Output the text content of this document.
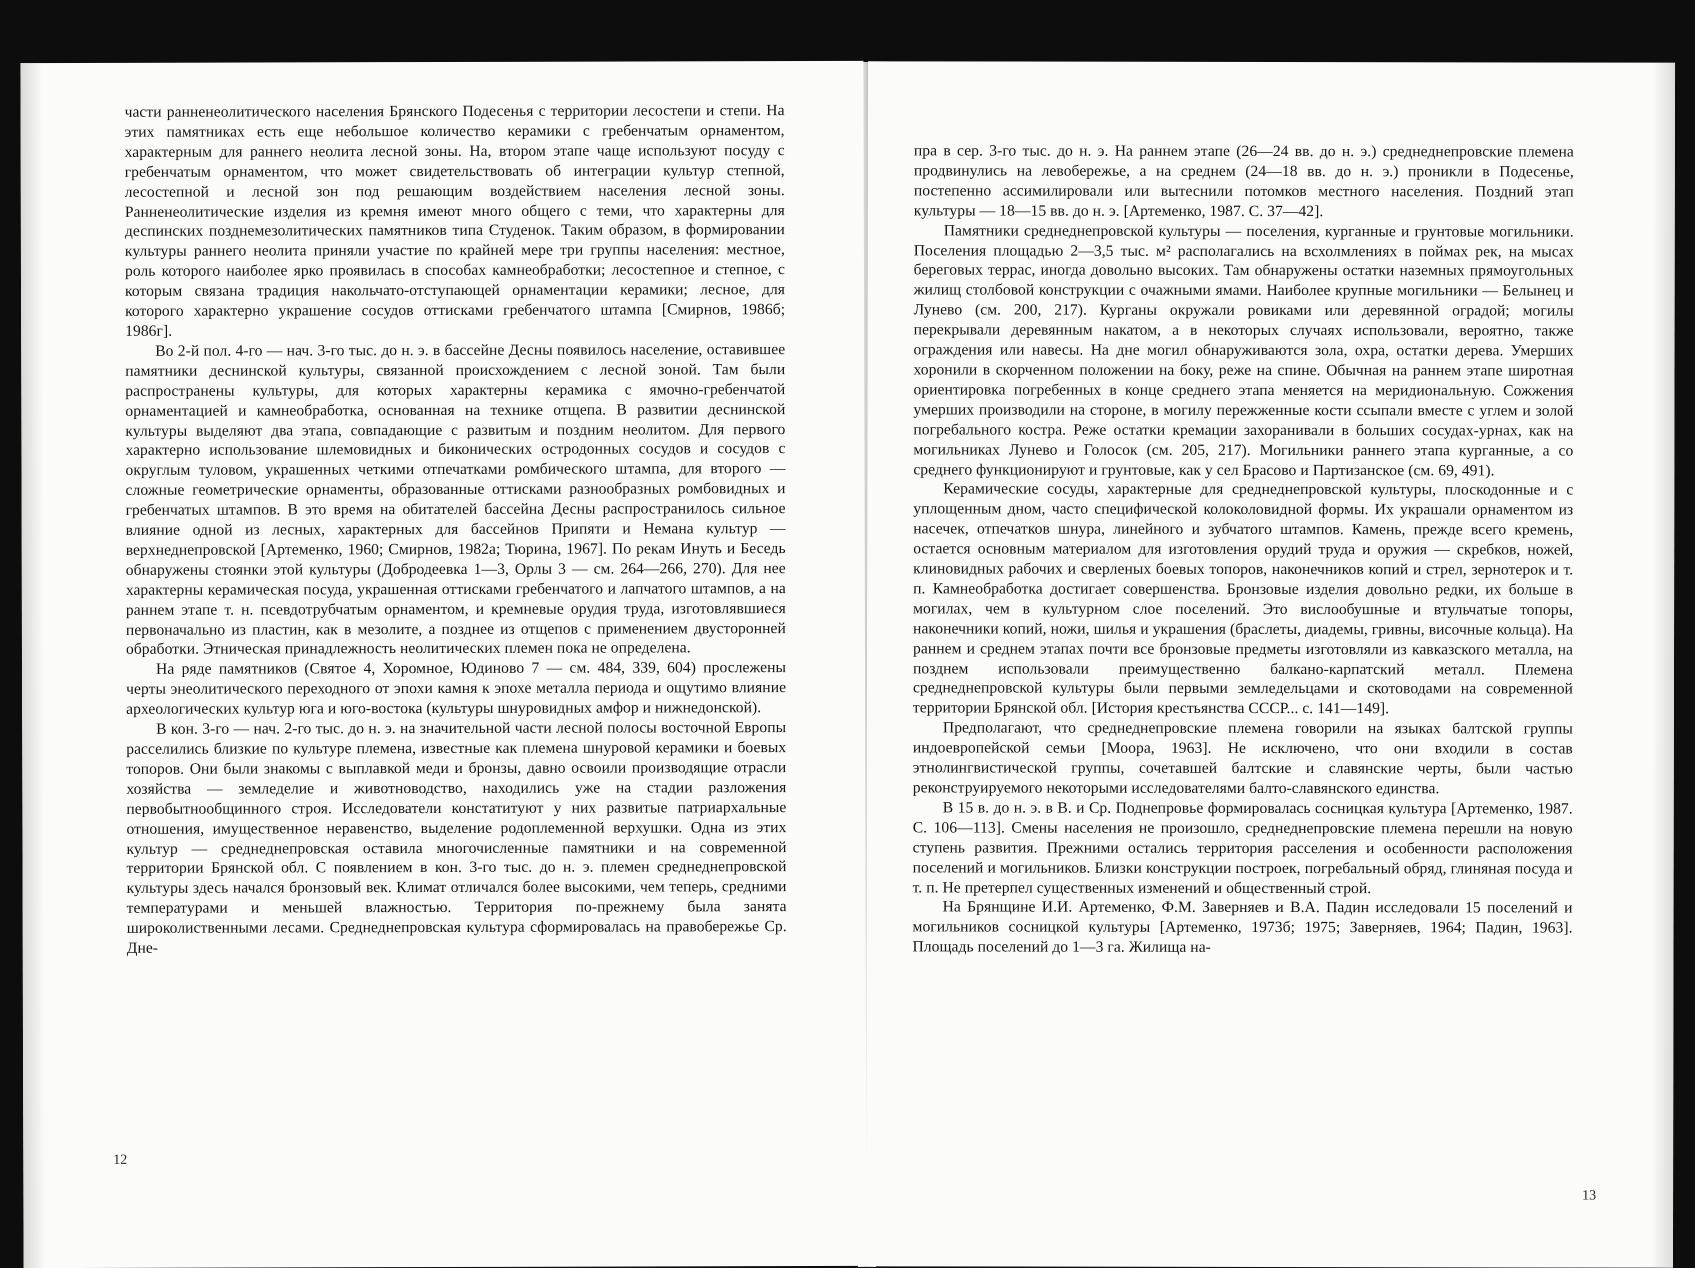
части ранненеолитического населения Брянского Подесенья с территории лесостепи и степи. На этих памятниках есть еще небольшое количество керамики с гребенчатым орнаментом, характерным для раннего неолита лесной зоны. На, втором этапе чаще используют посуду с гребенчатым орнаментом, что может свидетельствовать об интеграции культур степной, лесостепной и лесной зон под решающим воздействием населения лесной зоны. Ранненеолитические изделия из кремня имеют много общего с теми, что характерны для деспинских позднемезолитических памятников типа Студенок. Таким образом, в формировании культуры раннего неолита приняли участие по крайней мере три группы населения: местное, роль которого наиболее ярко проявилась в способах камнеобработки; лесостепное и степное, с которым связана традиция накольчато-отступающей орнаментации керамики; лесное, для которого характерно украшение сосудов оттисками гребенчатого штампа [Смирнов, 1986б; 1986г].

Во 2-й пол. 4-го — нач. 3-го тыс. до н. э. в бассейне Десны появилось население, оставившее памятники деснинской культуры, связанной происхождением с лесной зоной. Там были распространены культуры, для которых характерны керамика с ямочно-гребенчатой орнаментацией и камнеобработка, основанная на технике отщепа. В развитии деснинской культуры выделяют два этапа, совпадающие с развитым и поздним неолитом. Для первого характерно использование шлемовидных и биконических остродонных сосудов и сосудов с округлым туловом, украшенных четкими отпечатками ромбического штампа, для второго — сложные геометрические орнаменты, образованные оттисками разнообразных ромбовидных и гребенчатых штампов. В это время на обитателей бассейна Десны распространилось сильное влияние одной из лесных, характерных для бассейнов Припяти и Немана культур — верхнеднепровской [Артеменко, 1960; Смирнов, 1982а; Тюрина, 1967]. По рекам Инуть и Беседь обнаружены стоянки этой культуры (Добродеевка 1—3, Орлы 3 — см. 264—266, 270). Для нее характерны керамическая посуда, украшенная оттисками гребенчатого и лапчатого штампов, а на раннем этапе т. н. псевдотрубчатым орнаментом, и кремневые орудия труда, изготовлявшиеся первоначально из пластин, как в мезолите, а позднее из отщепов с применением двусторонней обработки. Этническая принадлежность неолитических племен пока не определена.

На ряде памятников (Святое 4, Хоромное, Юдиново 7 — см. 484, 339, 604) прослежены черты энеолитического переходного от эпохи камня к эпохе металла периода и ощутимо влияние археологических культур юга и юго-востока (культуры шнуровидных амфор и нижнедонской).

В кон. 3-го — нач. 2-го тыс. до н. э. на значительной части лесной полосы восточной Европы расселились близкие по культуре племена, известные как племена шнуровой керамики и боевых топоров. Они были знакомы с выплавкой меди и бронзы, давно освоили производящие отрасли хозяйства — земледелие и животноводство, находились уже на стадии разложения первобытнообщинного строя. Исследователи констатитуют у них развитые патриархальные отношения, имущественное неравенство, выделение родоплеменной верхушки. Одна из этих культур — среднеднепровская оставила многочисленные памятники и на современной территории Брянской обл. С появлением в кон. 3-го тыс. до н. э. племен среднеднепровской культуры здесь начался бронзовый век. Климат отличался более высокими, чем теперь, средними температурами и меньшей влажностью. Территория по-прежнему была занята широколиственными лесами. Среднеднепровская культура сформировалась на правобережье Ср. Дне-

12

пра в сер. 3-го тыс. до н. э. На раннем этапе (26—24 вв. до н. э.) среднеднепровские племена продвинулись на левобережье, а на среднем (24—18 вв. до н. э.) проникли в Подесенье, постепенно ассимилировали или вытеснили потомков местного населения. Поздний этап культуры — 18—15 вв. до н. э. [Артеменко, 1987. С. 37—42].

Памятники среднеднепровской культуры — поселения, курганные и грунтовые могильники. Поселения площадью 2—3,5 тыс. м² располагались на всхолмлениях в поймах рек, на мысах береговых террас, иногда довольно высоких. Там обнаружены остатки наземных прямоугольных жилищ столбовой конструкции с очажными ямами. Наиболее крупные могильники — Белынец и Лунево (см. 200, 217). Курганы окружали ровиками или деревянной оградой; могилы перекрывали деревянным накатом, а в некоторых случаях использовали, вероятно, также ограждения или навесы. На дне могил обнаруживаются зола, охра, остатки дерева. Умерших хоронили в скорченном положении на боку, реже на спине. Обычная на раннем этапе широтная ориентировка погребенных в конце среднего этапа меняется на меридиональную. Сожжения умерших производили на стороне, в могилу пережженные кости ссыпали вместе с углем и золой погребального костра. Реже остатки кремации захоранивали в больших сосудах-урнах, как на могильниках Лунево и Голосок (см. 205, 217). Могильники раннего этапа курганные, а со среднего функционируют и грунтовые, как у сел Брасово и Партизанское (см. 69, 491).

Керамические сосуды, характерные для среднеднепровской культуры, плоскодонные и с уплощенным дном, часто специфической колоколовидной формы. Их украшали орнаментом из насечек, отпечатков шнура, линейного и зубчатого штампов. Камень, прежде всего кремень, остается основным материалом для изготовления орудий труда и оружия — скребков, ножей, клиновидных рабочих и сверленых боевых топоров, наконечников копий и стрел, зернотерок и т. п. Камнеобработка достигает совершенства. Бронзовые изделия довольно редки, их больше в могилах, чем в культурном слое поселений. Это вислообушные и втульчатые топоры, наконечники копий, ножи, шилья и украшения (браслеты, диадемы, гривны, височные кольца). На раннем и среднем этапах почти все бронзовые предметы изготовляли из кавказского металла, на позднем использовали преимущественно балкано-карпатский металл. Племена среднеднепровской культуры были первыми земледельцами и скотоводами на современной территории Брянской обл. [История крестьянства СССР... с. 141—149].

Предполагают, что среднеднепровские племена говорили на языках балтской группы индоевропейской семьи [Моора, 1963]. Не исключено, что они входили в состав этнолингвистической группы, сочетавшей балтские и славянские черты, были частью реконструируемого некоторыми исследователями балто-славянского единства.

В 15 в. до н. э. в В. и Ср. Поднепровье формировалась сосницкая культура [Артеменко, 1987. С. 106—113]. Смены населения не произошло, среднеднепровские племена перешли на новую ступень развития. Прежними остались территория расселения и особенности расположения поселений и могильников. Близки конструкции построек, погребальный обряд, глиняная посуда и т. п. Не претерпел существенных изменений и общественный строй.

На Брянщине И.И. Артеменко, Ф.М. Заверняев и В.А. Падин исследовали 15 поселений и могильников сосницкой культуры [Артеменко, 1973б; 1975; Заверняев, 1964; Падин, 1963]. Площадь поселений до 1—3 га. Жилища на-

13
